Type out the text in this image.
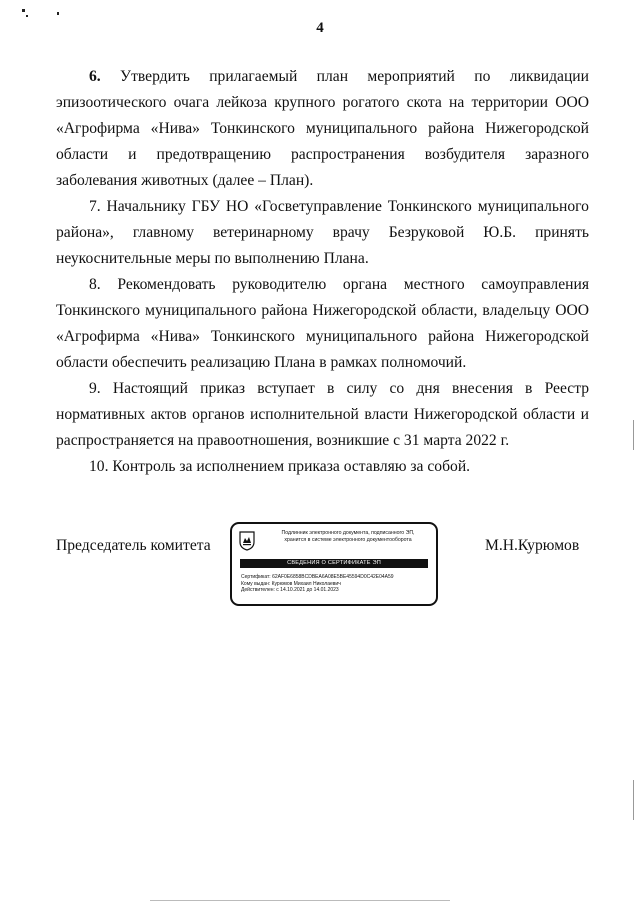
4

6. Утвердить прилагаемый план мероприятий по ликвидации эпизоотического очага лейкоза крупного рогатого скота на территории ООО «Агрофирма «Нива» Тонкинского муниципального района Нижегородской области и предотвращению распространения возбудителя заразного заболевания животных (далее – План).

7. Начальнику ГБУ НО «Госветуправление Тонкинского муниципального района», главному ветеринарному врачу Безруковой Ю.Б. принять неукоснительные меры по выполнению Плана.

8. Рекомендовать руководителю органа местного самоуправления Тонкинского муниципального района Нижегородской области, владельцу ООО «Агрофирма «Нива» Тонкинского муниципального района Нижегородской области обеспечить реализацию Плана в рамках полномочий.

9. Настоящий приказ вступает в силу со дня внесения в Реестр нормативных актов органов исполнительной власти Нижегородской области и распространяется на правоотношения, возникшие с 31 марта 2022 г.

10. Контроль за исполнением приказа оставляю за собой.

Председатель комитета	М.Н.Курюмов
Подлинник электронного документа, подписанного ЭП,
хранится в системе электронного документооборота
СВЕДЕНИЯ О СЕРТИФИКАТЕ ЭП
Сертификат: 62AF0E6858BCDBEA6A08E5BE45594D0C42E04A59
Кому выдан: Курюмов Михаил Николаевич
Действителен: с 14.10.2021 до 14.01.2023
